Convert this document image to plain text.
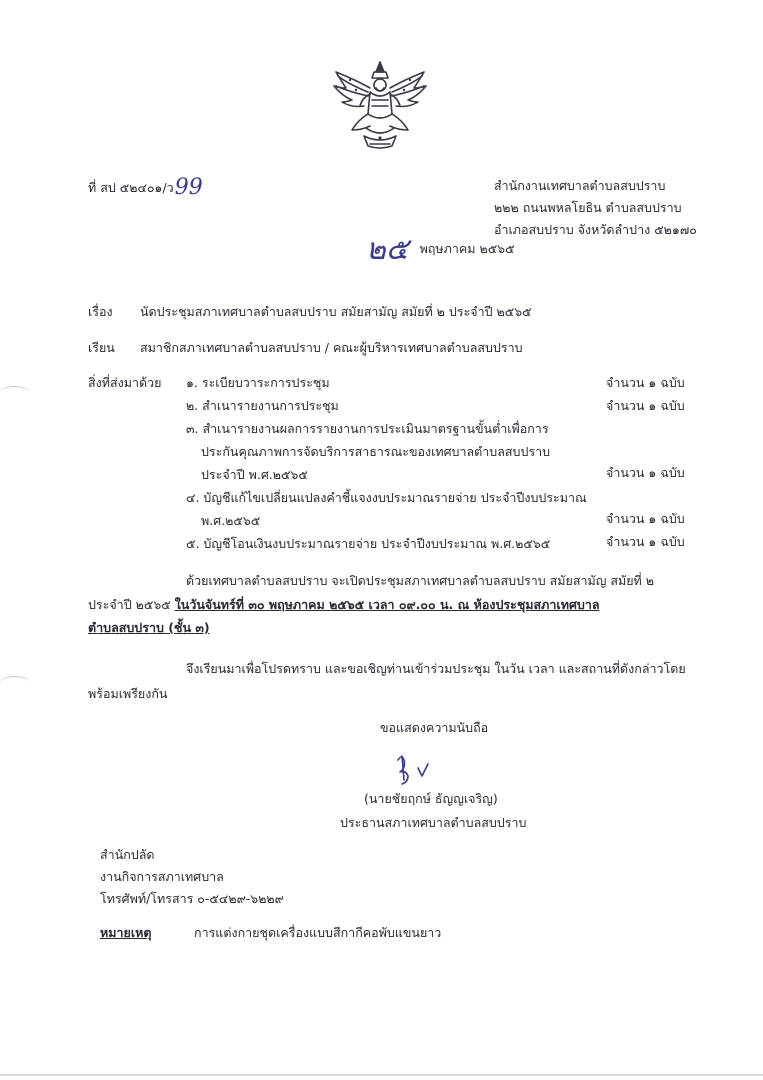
ที่ สป ๕๒๔๐๑/ว99	สำนักงานเทศบาลตำบลสบปราบ
๒๒๒ ถนนพหลโยธิน ตำบลสบปราบ
อำเภอสบปราบ จังหวัดลำปาง ๕๒๑๗๐
๒๕ $^{พฤษภาคม ๒๕๖๕}$
เรื่อง นัดประชุมสภาเทศบาลตำบลสบปราบ สมัยสามัญ สมัยที่ ๒ ประจำปี ๒๕๖๕
เรียน สมาชิกสภาเทศบาลตำบลสบปราบ / คณะผู้บริหารเทศบาลตำบลสบปราบ
สิ่งที่ส่งมาด้วย ๑. ระเบียบวาระการประชุม	จำนวน ๑ ฉบับ
๒. สำเนารายงานการประชุม	จำนวน ๑ ฉบับ
๓. สำเนารายงานผลการรายงานการประเมินมาตรฐานขั้นต่ำเพื่อการ
ประกันคุณภาพการจัดบริการสาธารณะของเทศบาลตำบลสบปราบ
ประจำปี พ.ศ.๒๕๖๕	จำนวน ๑ ฉบับ
๔. บัญชีแก้ไขเปลี่ยนแปลงคำชี้แจงงบประมาณรายจ่าย ประจำปีงบประมาณ
พ.ศ.๒๕๖๕	จำนวน ๑ ฉบับ
๕. บัญชีโอนเงินงบประมาณรายจ่าย ประจำปีงบประมาณ พ.ศ.๒๕๖๕	จำนวน ๑ ฉบับ
ด้วยเทศบาลตำบลสบปราบ จะเปิดประชุมสภาเทศบาลตำบลสบปราบ สมัยสามัญ สมัยที่ ๒
ประจำปี ๒๕๖๕ ในวันจันทร์ที่ ๓๐ พฤษภาคม ๒๕๖๕ เวลา ๐๙.๐๐ น. ณ ห้องประชุมสภาเทศบาล
ตำบลสบปราบ (ชั้น ๓)
จึงเรียนมาเพื่อโปรดทราบ และขอเชิญท่านเข้าร่วมประชุม ในวัน เวลา และสถานที่ดังกล่าวโดย
พร้อมเพรียงกัน
ขอแสดงความนับถือ
(นายชัยฤกษ์ ธัญญเจริญ)
ประธานสภาเทศบาลตำบลสบปราบ
สำนักปลัด
งานกิจการสภาเทศบาล
โทรศัพท์/โทรสาร ๐-๕๔๒๙-๖๒๒๙
หมายเหตุ	การแต่งกายชุดเครื่องแบบสีกากีคอพับแขนยาว
